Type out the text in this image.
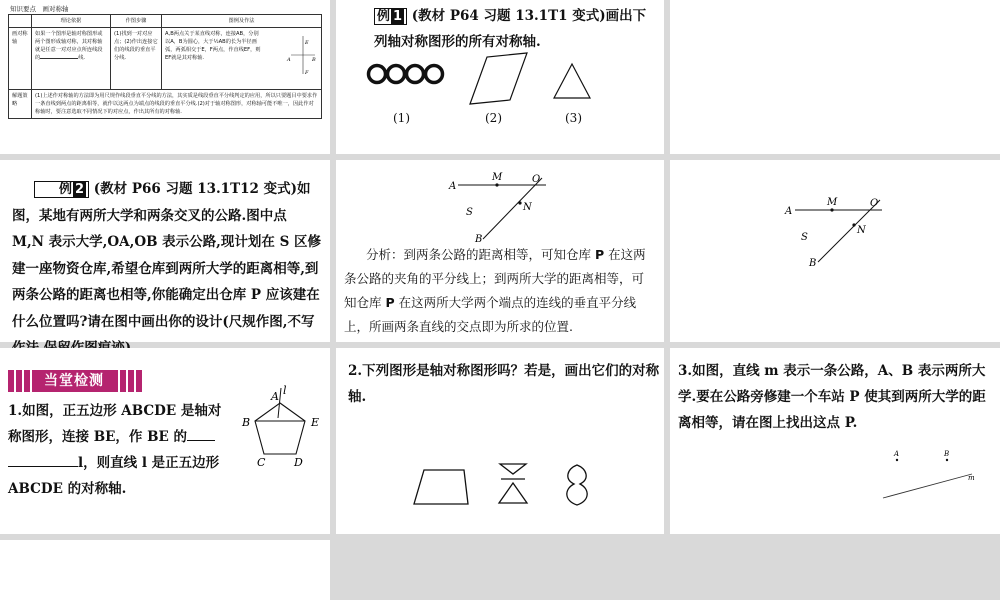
知识要点　画对称轴
	理论依据	作图步骤	图例及作法
画对称轴	如果一个图形是轴对称图形或两个图形成轴对称，其对称轴就是任意一对对应点所连线段的 线.	(1)找到一对对应点；(2)作出连接它们的线段的垂直平分线.	A,B两点关于某直线对称，连接AB，分别以A，B为圆心，大于½AB的长为半径画弧，两弧相交于E，F两点，作直线EF，则EF就是其对称轴.
E
A B
F

解题策略	(1)上述作对称轴的方法即为用尺规作线段垂直平分线的方法，其实质是线段垂直平分线判定的应用，所以只要题目中要求作一条直线到两点的距离相等，就作以这两点为端点的线段的垂直平分线.(2)对于轴对称图形，对称轴可能不唯一，因此作对称轴时，要注意选取不同情况下的对应点，作出其所有的对称轴.		
例 1 (教材 P64 习题 13.1T1 变式)画出下列轴对称图形的所有对称轴.
(1)	(2)	(3)
例 2 (教材 P66 习题 13.1T12 变式)如图，某地有两所大学和两条交叉的公路.图中点 M,N 表示大学,OA,OB 表示公路,现计划在 S 区修建一座物资仓库,希望仓库到两所大学的距离相等,到两条公路的距离也相等,你能确定出仓库 P 应该建在什么位置吗?请在图中画出你的设计(尺规作图,不写
A
M	O
S	N
B
分析：到两条公路的距离相等，可知仓库 P 在这两条公路的夹角的平分线上；到两所大学的距离相等，可知仓库 P 在这两所大学两个端点的连线的垂直平分线上，所画两条直线的交点即为所求的位置.
A
M	O
S
N
B
当堂检测
1.如图，正五边形 ABCDE 是轴对称图形，连接 BE，作 BE 的
l，则直线 l 是正五边形 ABCDE 的对称轴.
A l
B	E
C	D
2.下列图形是轴对称图形吗？若是，画出它们的对称轴.
3.如图，直线 m 表示一条公路，A、B 表示两所大学.要在公路旁修建一个车站 P 使其到两所大学的距离相等，请在图上找出这点 P.
A	B
m
